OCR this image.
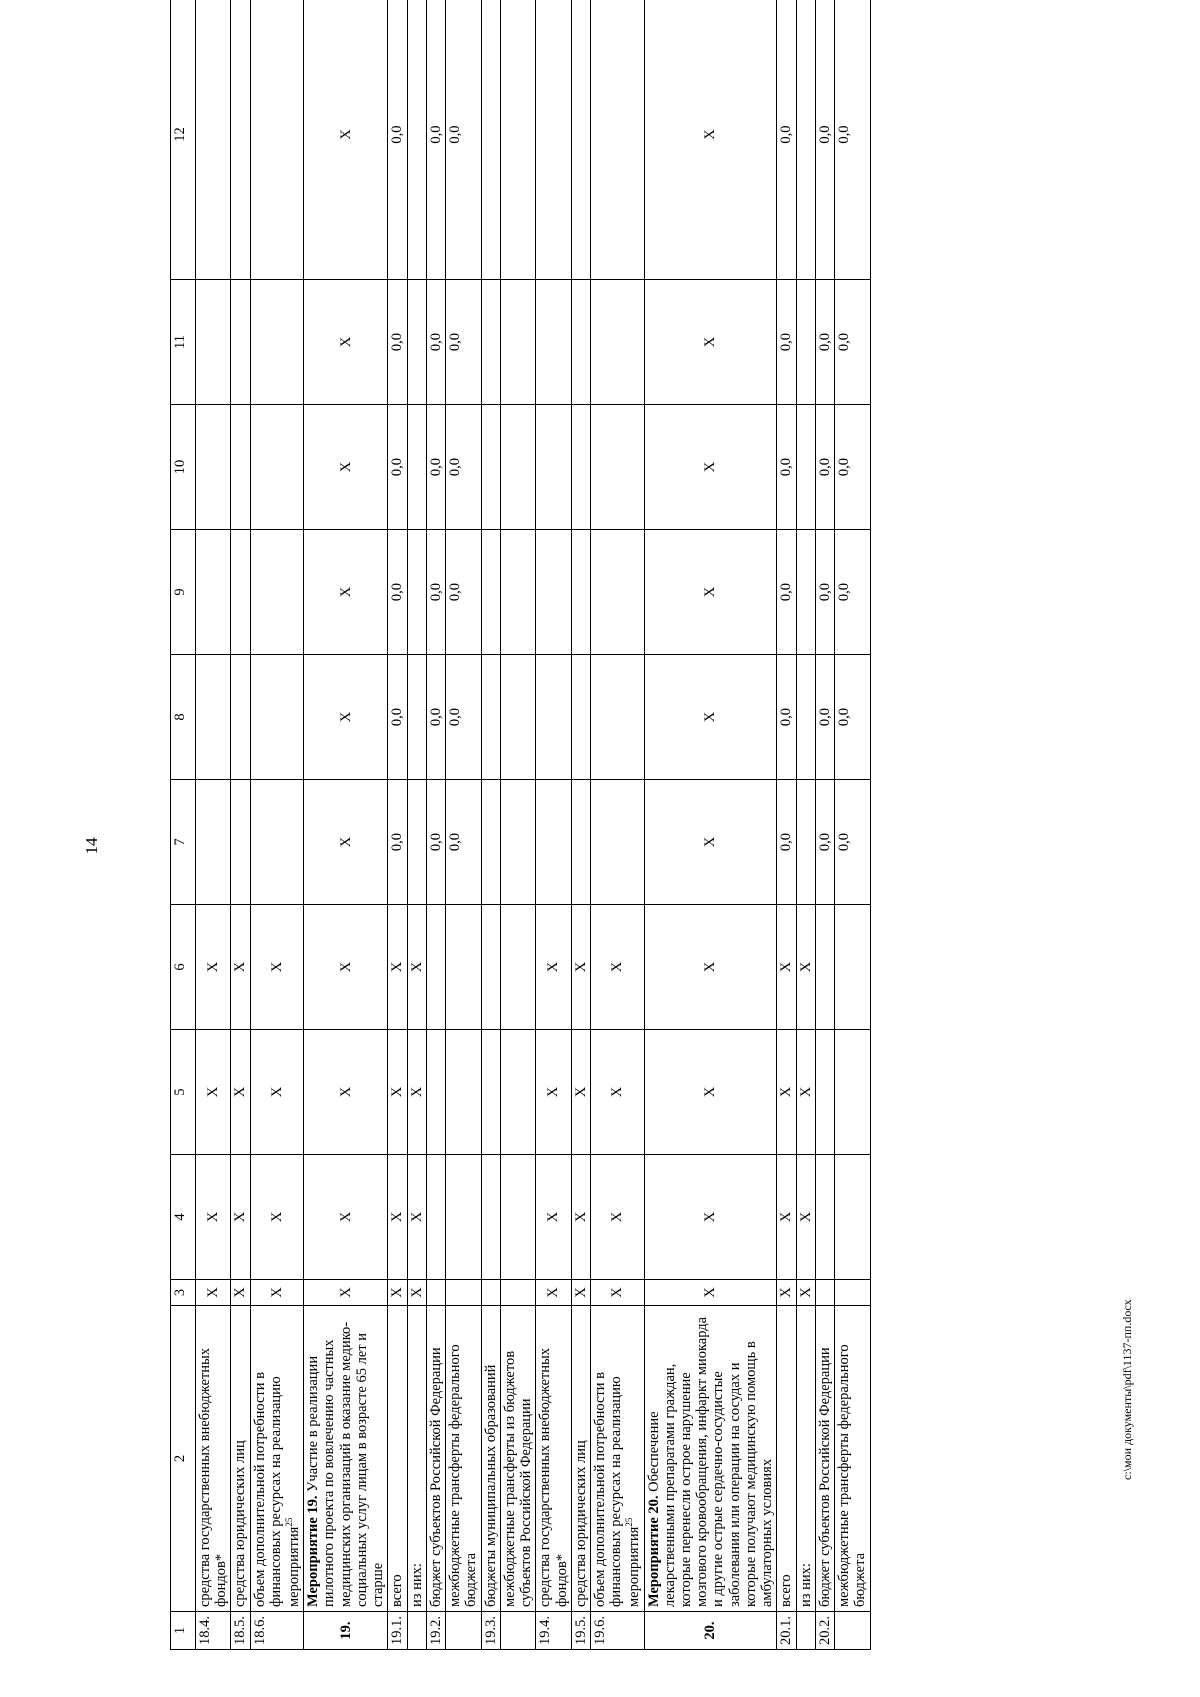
14
1	2	3	4	5	6	7	8	9	10	11	12
18.4.	средства государственных внебюджетных фондов*	X	X	X	X						
18.5.	средства юридических лиц	X	X	X	X						
18.6.	объем дополнительной потребности в финансовых ресурсах на реализацию мероприятия$^{25}$	X	X	X	X						
19.	Мероприятие 19. Участие в реализации пилотного проекта по вовлечению частных медицинских организаций в оказание медико-социальных услуг лицам в возрасте 65 лет и старше	X	X	X	X	X	X	X	X	X	X
19.1.	всего	X	X	X	X	0,0	0,0	0,0	0,0	0,0	0,0
	из них:	X	X	X	X						
19.2.	бюджет субъектов Российской Федерации					0,0	0,0	0,0	0,0	0,0	0,0
	межбюджетные трансферты федерального бюджета					0,0	0,0	0,0	0,0	0,0	0,0
19.3.	бюджеты муниципальных образований										
	межбюджетные трансферты из бюджетов субъектов Российской Федерации										
19.4.	средства государственных внебюджетных фондов*	X	X	X	X						
19.5.	средства юридических лиц	X	X	X	X						
19.6.	объем дополнительной потребности в финансовых ресурсах на реализацию мероприятия$^{25}$	X	X	X	X						
20.	Мероприятие 20. Обеспечение лекарственными препаратами граждан, которые перенесли острое нарушение мозгового кровообращения, инфаркт миокарда и другие острые сердечно-сосудистые заболевания или операции на сосудах и которые получают медицинскую помощь в амбулаторных условиях	X	X	X	X	X	X	X	X	X	X
20.1.	всего	X	X	X	X	0,0	0,0	0,0	0,0	0,0	0,0
	из них:	X	X	X	X						
20.2.	бюджет субъектов Российской Федерации					0,0	0,0	0,0	0,0	0,0	0,0
	межбюджетные трансферты федерального бюджета					0,0	0,0	0,0	0,0	0,0	0,0
c:\мои документы\pdf\1137-пп.docx
